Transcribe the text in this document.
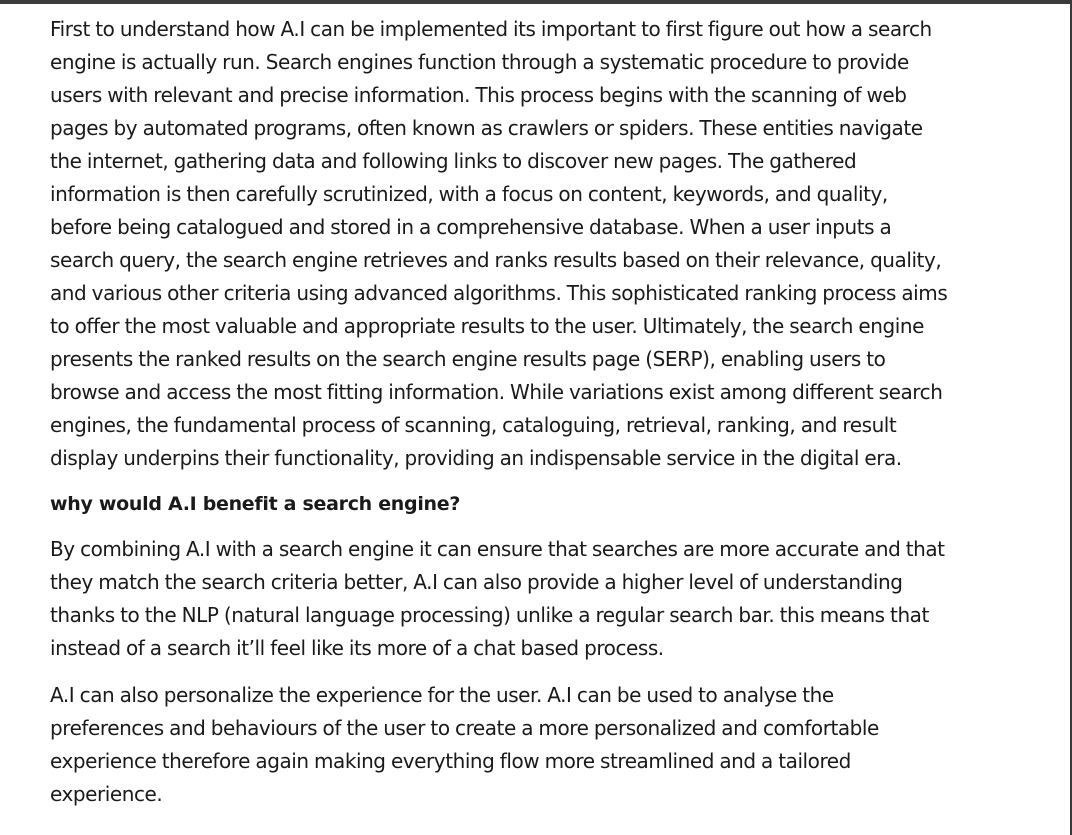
First to understand how A.I can be implemented its important to first figure out how a search
engine is actually run. Search engines function through a systematic procedure to provide
users with relevant and precise information. This process begins with the scanning of web
pages by automated programs, often known as crawlers or spiders. These entities navigate
the internet, gathering data and following links to discover new pages. The gathered
information is then carefully scrutinized, with a focus on content, keywords, and quality,
before being catalogued and stored in a comprehensive database. When a user inputs a
search query, the search engine retrieves and ranks results based on their relevance, quality,
and various other criteria using advanced algorithms. This sophisticated ranking process aims
to offer the most valuable and appropriate results to the user. Ultimately, the search engine
presents the ranked results on the search engine results page (SERP), enabling users to
browse and access the most fitting information. While variations exist among different search
engines, the fundamental process of scanning, cataloguing, retrieval, ranking, and result
display underpins their functionality, providing an indispensable service in the digital era.

why would A.I benefit a search engine?

By combining A.I with a search engine it can ensure that searches are more accurate and that
they match the search criteria better, A.I can also provide a higher level of understanding
thanks to the NLP (natural language processing) unlike a regular search bar. this means that
instead of a search it’ll feel like its more of a chat based process.

A.I can also personalize the experience for the user. A.I can be used to analyse the
preferences and behaviours of the user to create a more personalized and comfortable
experience therefore again making everything flow more streamlined and a tailored
experience.
